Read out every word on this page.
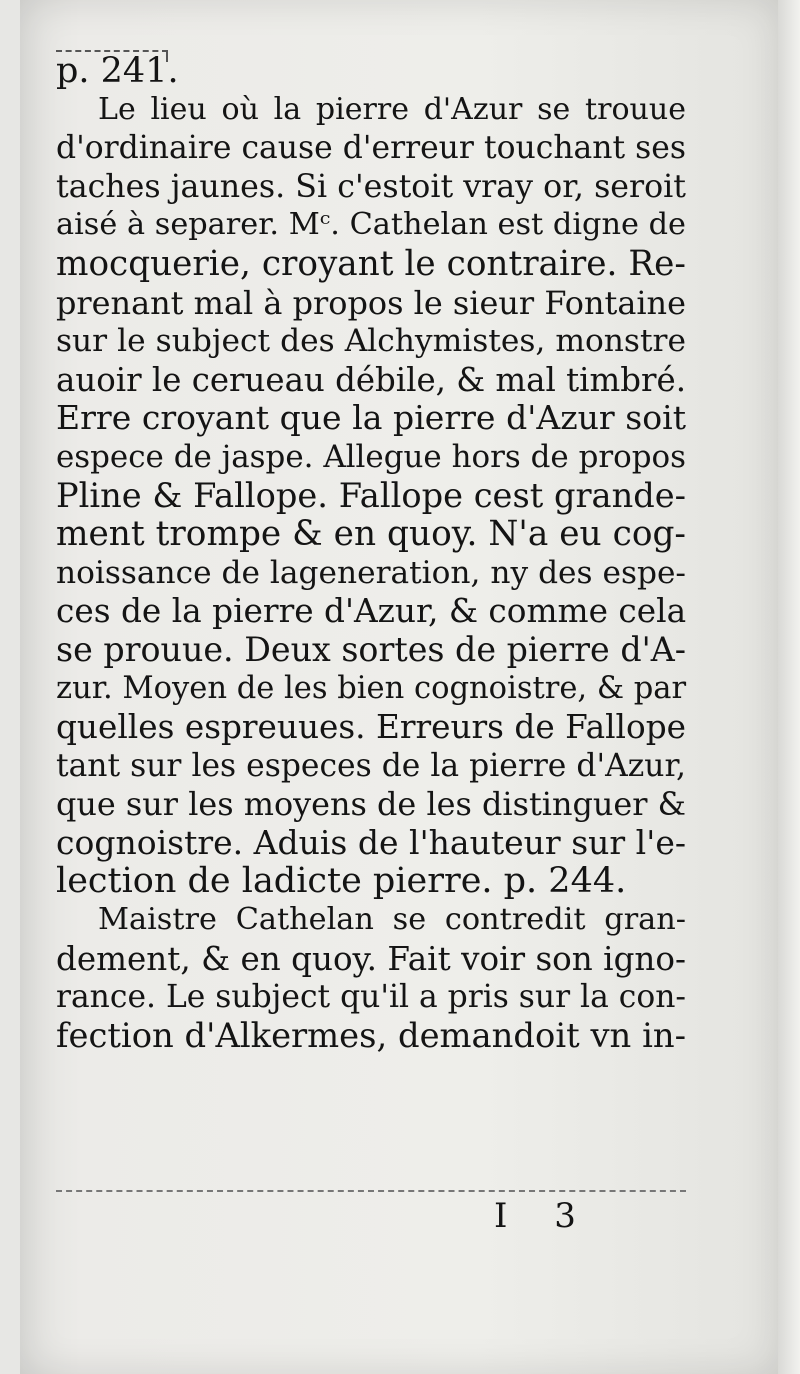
p. 241.
Le lieu où la pierre d'Azur se trouue
d'ordinaire cause d'erreur touchant ses
taches jaunes. Si c'estoit vray or, seroit
aisé à separer. Mᶜ. Cathelan est digne de
mocquerie, croyant le contraire. Re-
prenant mal à propos le sieur Fontaine
sur le subject des Alchymistes, monstre
auoir le cerueau débile, & mal timbré.
Erre croyant que la pierre d'Azur soit
espece de jaspe. Allegue hors de propos
Pline & Fallope. Fallope cest grande-
ment trompe & en quoy. N'a eu cog-
noissance de lageneration, ny des espe-
ces de la pierre d'Azur, & comme cela
se prouue. Deux sortes de pierre d'A-
zur. Moyen de les bien cognoistre, & par
quelles espreuues. Erreurs de Fallope
tant sur les especes de la pierre d'Azur,
que sur les moyens de les distinguer &
cognoistre. Aduis de l'hauteur sur l'e-
lection de ladicte pierre. p. 244.
Maistre Cathelan se contredit gran-
dement, & en quoy. Fait voir son igno-
rance. Le subject qu'il a pris sur la con-
fection d'Alkermes, demandoit vn in-
I 3
